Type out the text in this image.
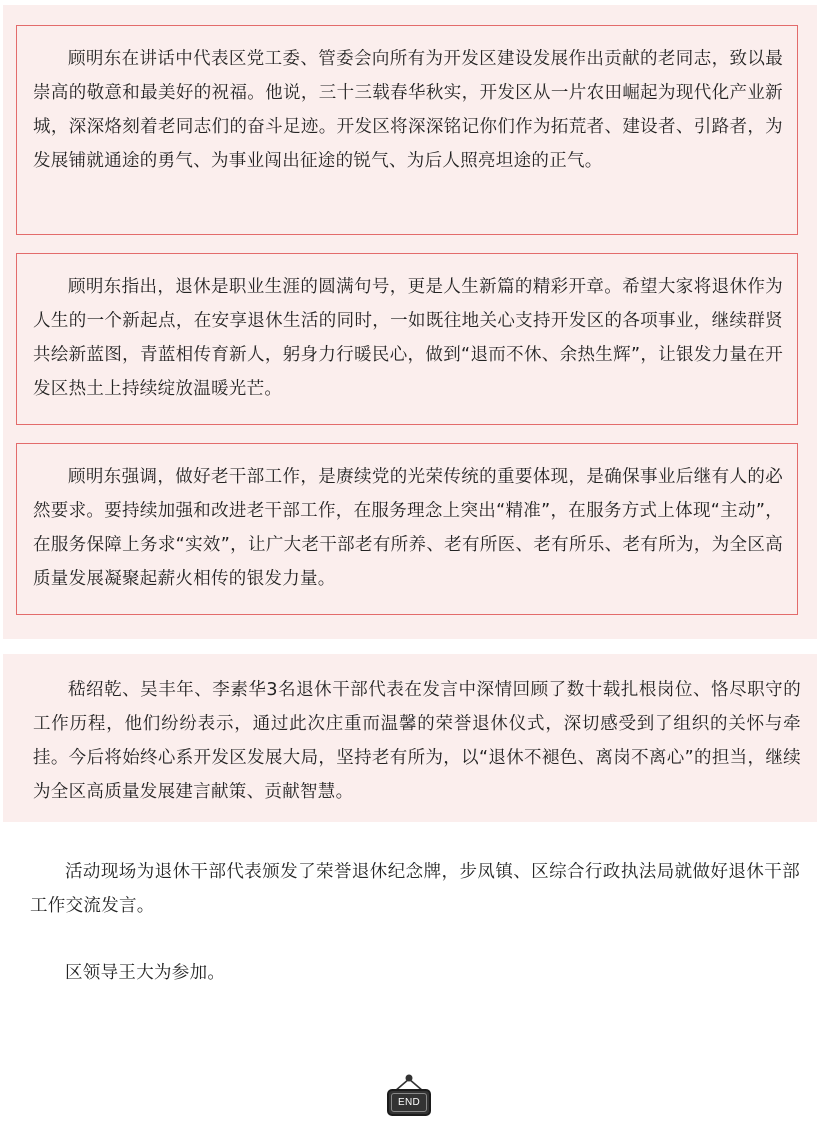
顾明东在讲话中代表区党工委、管委会向所有为开发区建设发展作出贡献的老同志，致以最崇高的敬意和最美好的祝福。他说，三十三载春华秋实，开发区从一片农田崛起为现代化产业新城，深深烙刻着老同志们的奋斗足迹。开发区将深深铭记你们作为拓荒者、建设者、引路者，为发展铺就通途的勇气、为事业闯出征途的锐气、为后人照亮坦途的正气。

顾明东指出，退休是职业生涯的圆满句号，更是人生新篇的精彩开章。希望大家将退休作为人生的一个新起点，在安享退休生活的同时，一如既往地关心支持开发区的各项事业，继续群贤共绘新蓝图，青蓝相传育新人，躬身力行暖民心，做到“退而不休、余热生辉”，让银发力量在开发区热土上持续绽放温暖光芒。

顾明东强调，做好老干部工作，是赓续党的光荣传统的重要体现，是确保事业后继有人的必然要求。要持续加强和改进老干部工作，在服务理念上突出“精准”，在服务方式上体现“主动”，在服务保障上务求“实效”，让广大老干部老有所养、老有所医、老有所乐、老有所为，为全区高质量发展凝聚起薪火相传的银发力量。

嵇绍乾、吴丰年、李素华3名退休干部代表在发言中深情回顾了数十载扎根岗位、恪尽职守的工作历程，他们纷纷表示，通过此次庄重而温馨的荣誉退休仪式，深切感受到了组织的关怀与牵挂。今后将始终心系开发区发展大局，坚持老有所为，以“退休不褪色、离岗不离心”的担当，继续为全区高质量发展建言献策、贡献智慧。

活动现场为退休干部代表颁发了荣誉退休纪念牌，步凤镇、区综合行政执法局就做好退休干部工作交流发言。

区领导王大为参加。

END
